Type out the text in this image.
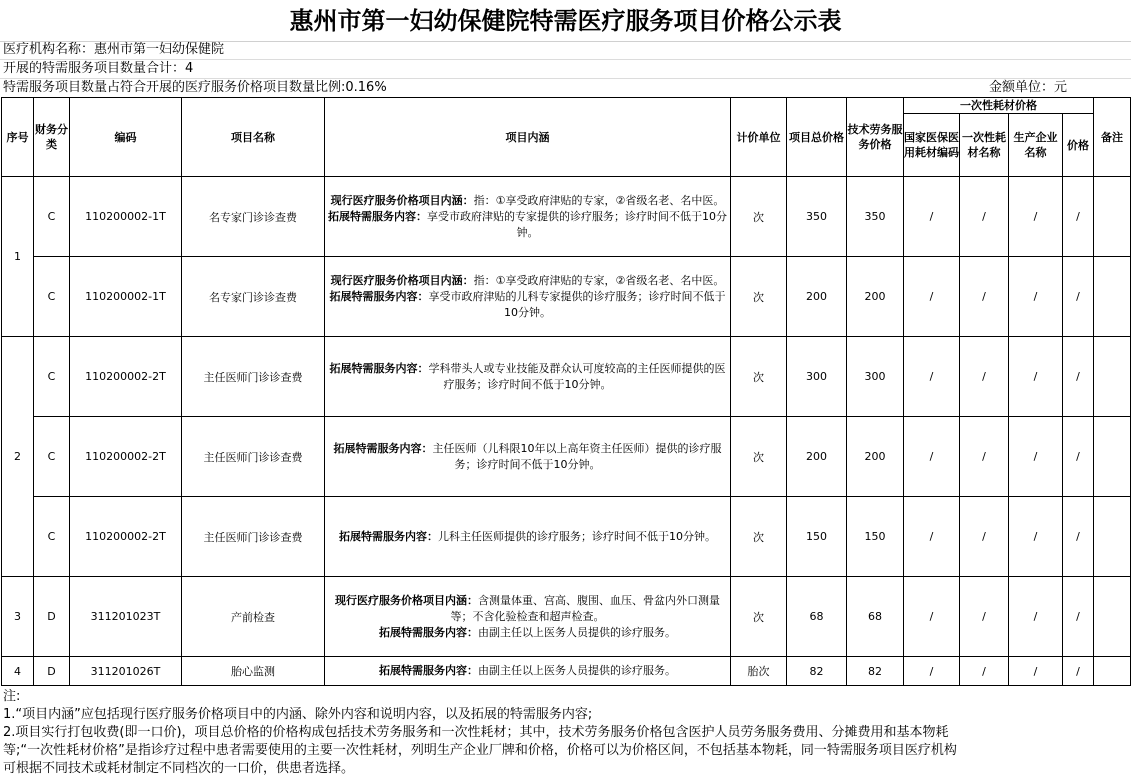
惠州市第一妇幼保健院特需医疗服务项目价格公示表
医疗机构名称：惠州市第一妇幼保健院
开展的特需服务项目数量合计：4
特需服务项目数量占符合开展的医疗服务价格项目数量比例:0.16%	金额单位：元
序号	财务分类	编码	项目名称	项目内涵	计价单位	项目总价格	技术劳务服务价格	一次性耗材价格				备注
								国家医保医用耗材编码	一次性耗材名称	生产企业名称	价格	
1	C	110200002-1T	名专家门诊诊查费	现行医疗服务价格项目内涵：指：①享受政府津贴的专家，②省级名老、名中医。
拓展特需服务内容：享受市政府津贴的专家提供的诊疗服务；诊疗时间不低于10分钟。	次	350	350	/	/	/	/	
	C	110200002-1T	名专家门诊诊查费	现行医疗服务价格项目内涵：指：①享受政府津贴的专家，②省级名老、名中医。
拓展特需服务内容：享受市政府津贴的儿科专家提供的诊疗服务；诊疗时间不低于10分钟。	次	200	200	/	/	/	/	
2	C	110200002-2T	主任医师门诊诊查费	拓展特需服务内容：学科带头人或专业技能及群众认可度较高的主任医师提供的医疗服务；诊疗时间不低于10分钟。	次	300	300	/	/	/	/	
	C	110200002-2T	主任医师门诊诊查费	拓展特需服务内容：主任医师（儿科限10年以上高年资主任医师）提供的诊疗服务；诊疗时间不低于10分钟。	次	200	200	/	/	/	/	
	C	110200002-2T	主任医师门诊诊查费	拓展特需服务内容：儿科主任医师提供的诊疗服务；诊疗时间不低于10分钟。	次	150	150	/	/	/	/	
3	D	311201023T	产前检查	现行医疗服务价格项目内涵：含测量体重、宫高、腹围、血压、骨盆内外口测量等；不含化验检查和超声检查。
拓展特需服务内容：由副主任以上医务人员提供的诊疗服务。	次	68	68	/	/	/	/	
4	D	311201026T	胎心监测	拓展特需服务内容：由副主任以上医务人员提供的诊疗服务。	胎次	82	82	/	/	/	/	
注:
1.“项目内涵”应包括现行医疗服务价格项目中的内涵、除外内容和说明内容，以及拓展的特需服务内容;
2.项目实行打包收费(即一口价)，项目总价格的价格构成包括技术劳务服务和一次性耗材；其中，技术劳务服务价格包含医护人员劳务服务费用、分摊费用和基本物耗
等;“一次性耗材价格”是指诊疗过程中患者需要使用的主要一次性耗材，列明生产企业厂牌和价格，价格可以为价格区间，不包括基本物耗，同一特需服务项目医疗机构
可根据不同技术或耗材制定不同档次的一口价，供患者选择。
